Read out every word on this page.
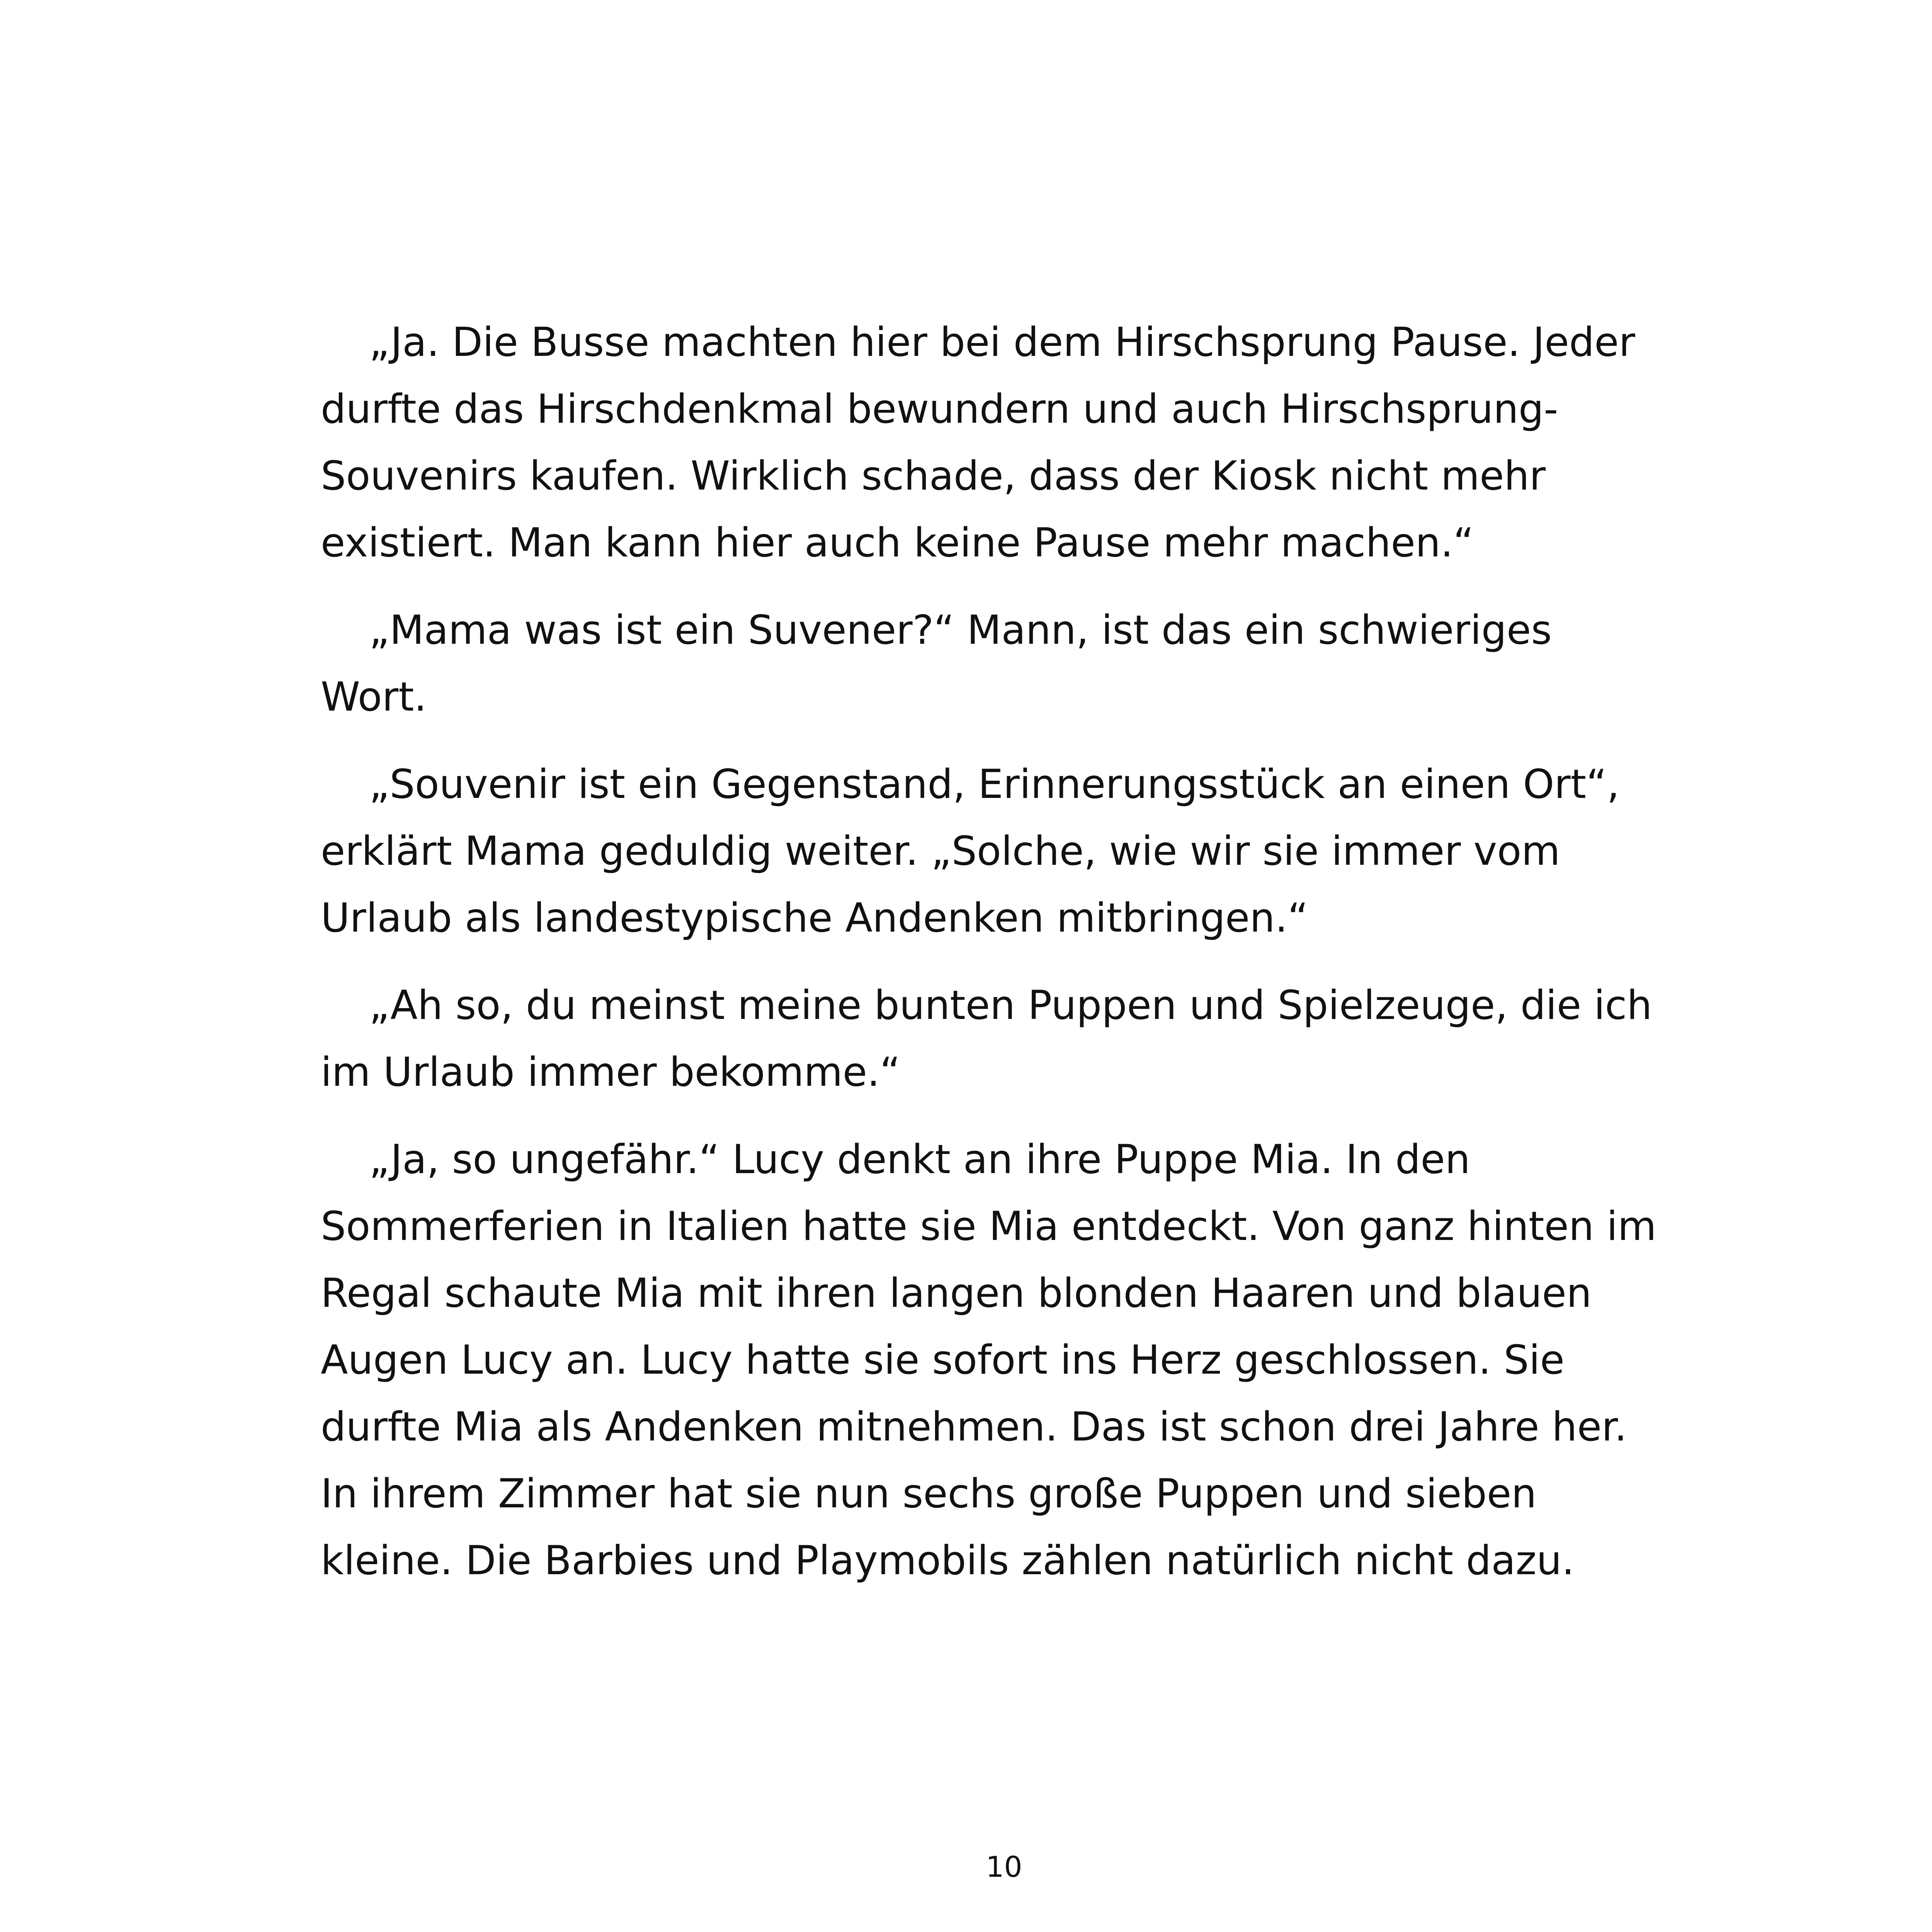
„Ja. Die Busse machten hier bei dem Hirschsprung Pause. Jeder
durfte das Hirschdenkmal bewundern und auch Hirschsprung-
Souvenirs kaufen. Wirklich schade, dass der Kiosk nicht mehr
existiert. Man kann hier auch keine Pause mehr machen.“
„Mama was ist ein Suvener?“ Mann, ist das ein schwieriges
Wort.
„Souvenir ist ein Gegenstand, Erinnerungsstück an einen Ort“,
erklärt Mama geduldig weiter. „Solche, wie wir sie immer vom
Urlaub als landestypische Andenken mitbringen.“
„Ah so, du meinst meine bunten Puppen und Spielzeuge, die ich
im Urlaub immer bekomme.“
„Ja, so ungefähr.“ Lucy denkt an ihre Puppe Mia. In den
Sommerferien in Italien hatte sie Mia entdeckt. Von ganz hinten im
Regal schaute Mia mit ihren langen blonden Haaren und blauen
Augen Lucy an. Lucy hatte sie sofort ins Herz geschlossen. Sie
durfte Mia als Andenken mitnehmen. Das ist schon drei Jahre her.
In ihrem Zimmer hat sie nun sechs große Puppen und sieben
kleine. Die Barbies und Playmobils zählen natürlich nicht dazu.
10
